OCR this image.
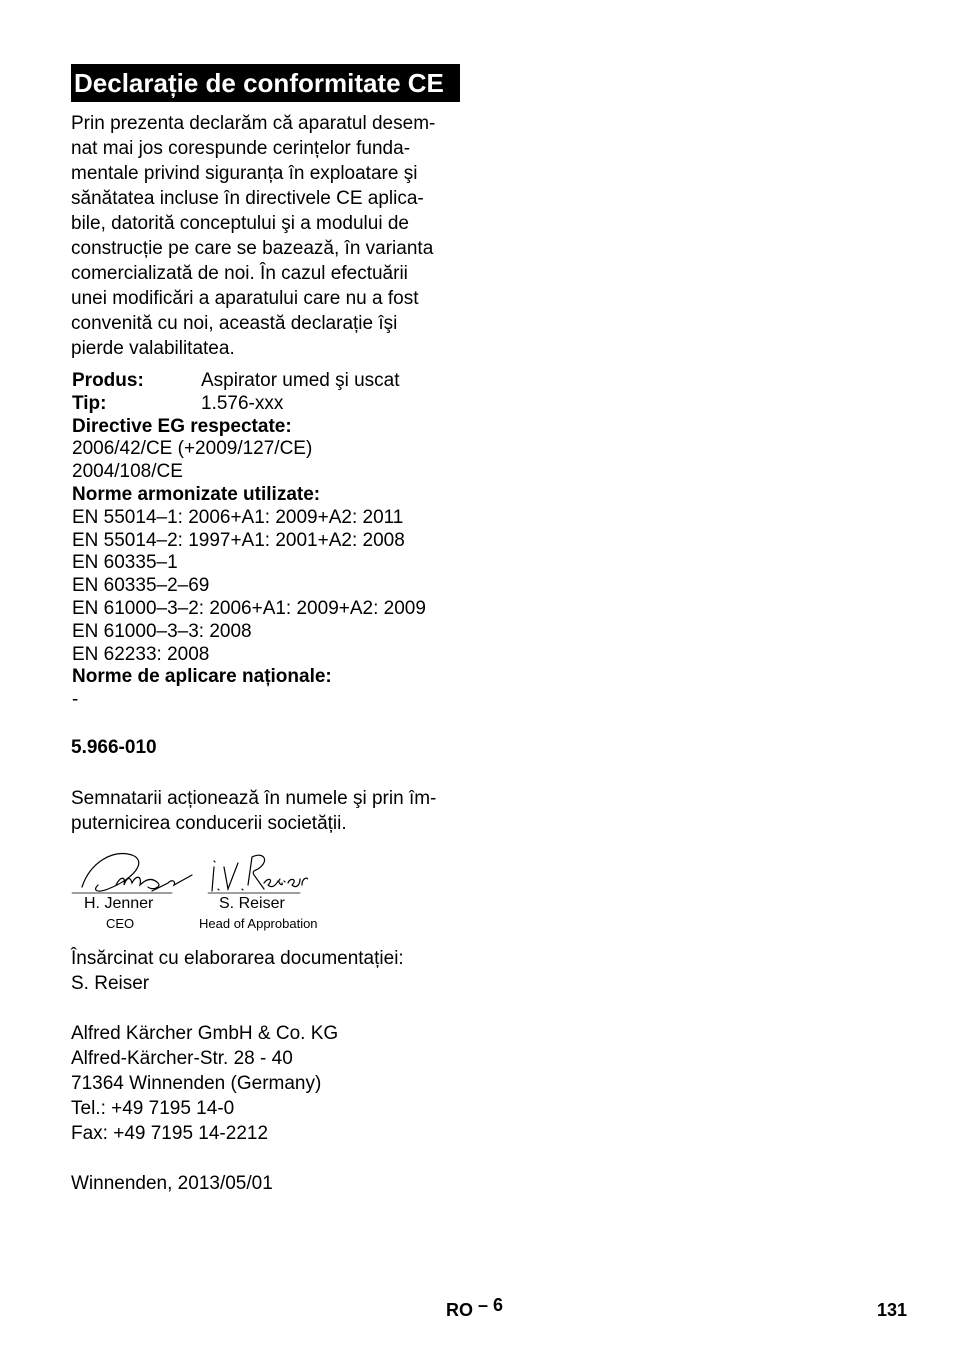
Declarație de conformitate CE
Prin prezenta declarăm că aparatul desem-
nat mai jos corespunde cerințelor funda-
mentale privind siguranța în exploatare şi
sănătatea incluse în directivele CE aplica-
bile, datorită conceptului şi a modului de
construcție pe care se bazează, în varianta
comercializată de noi. În cazul efectuării
unei modificări a aparatului care nu a fost
convenită cu noi, această declarație îşi
pierde valabilitatea.
Produs:	Aspirator umed şi uscat
Tip:	1.576-xxx
Directive EG respectate:
2006/42/CE (+2009/127/CE)
2004/108/CE
Norme armonizate utilizate:
EN 55014–1: 2006+A1: 2009+A2: 2011
EN 55014–2: 1997+A1: 2001+A2: 2008
EN 60335–1
EN 60335–2–69
EN 61000–3–2: 2006+A1: 2009+A2: 2009
EN 61000–3–3: 2008
EN 62233: 2008
Norme de aplicare naționale:
-
5.966-010
Semnatarii acționează în numele şi prin îm-
puternicirea conducerii societății.
H. Jenner
CEO
S. Reiser
Head of Approbation
Însărcinat cu elaborarea documentației:
S. Reiser
Alfred Kärcher GmbH & Co. KG
Alfred-Kärcher-Str. 28 - 40
71364 Winnenden (Germany)
Tel.: +49 7195 14-0
Fax: +49 7195 14-2212
Winnenden, 2013/05/01
RO – 6	131
